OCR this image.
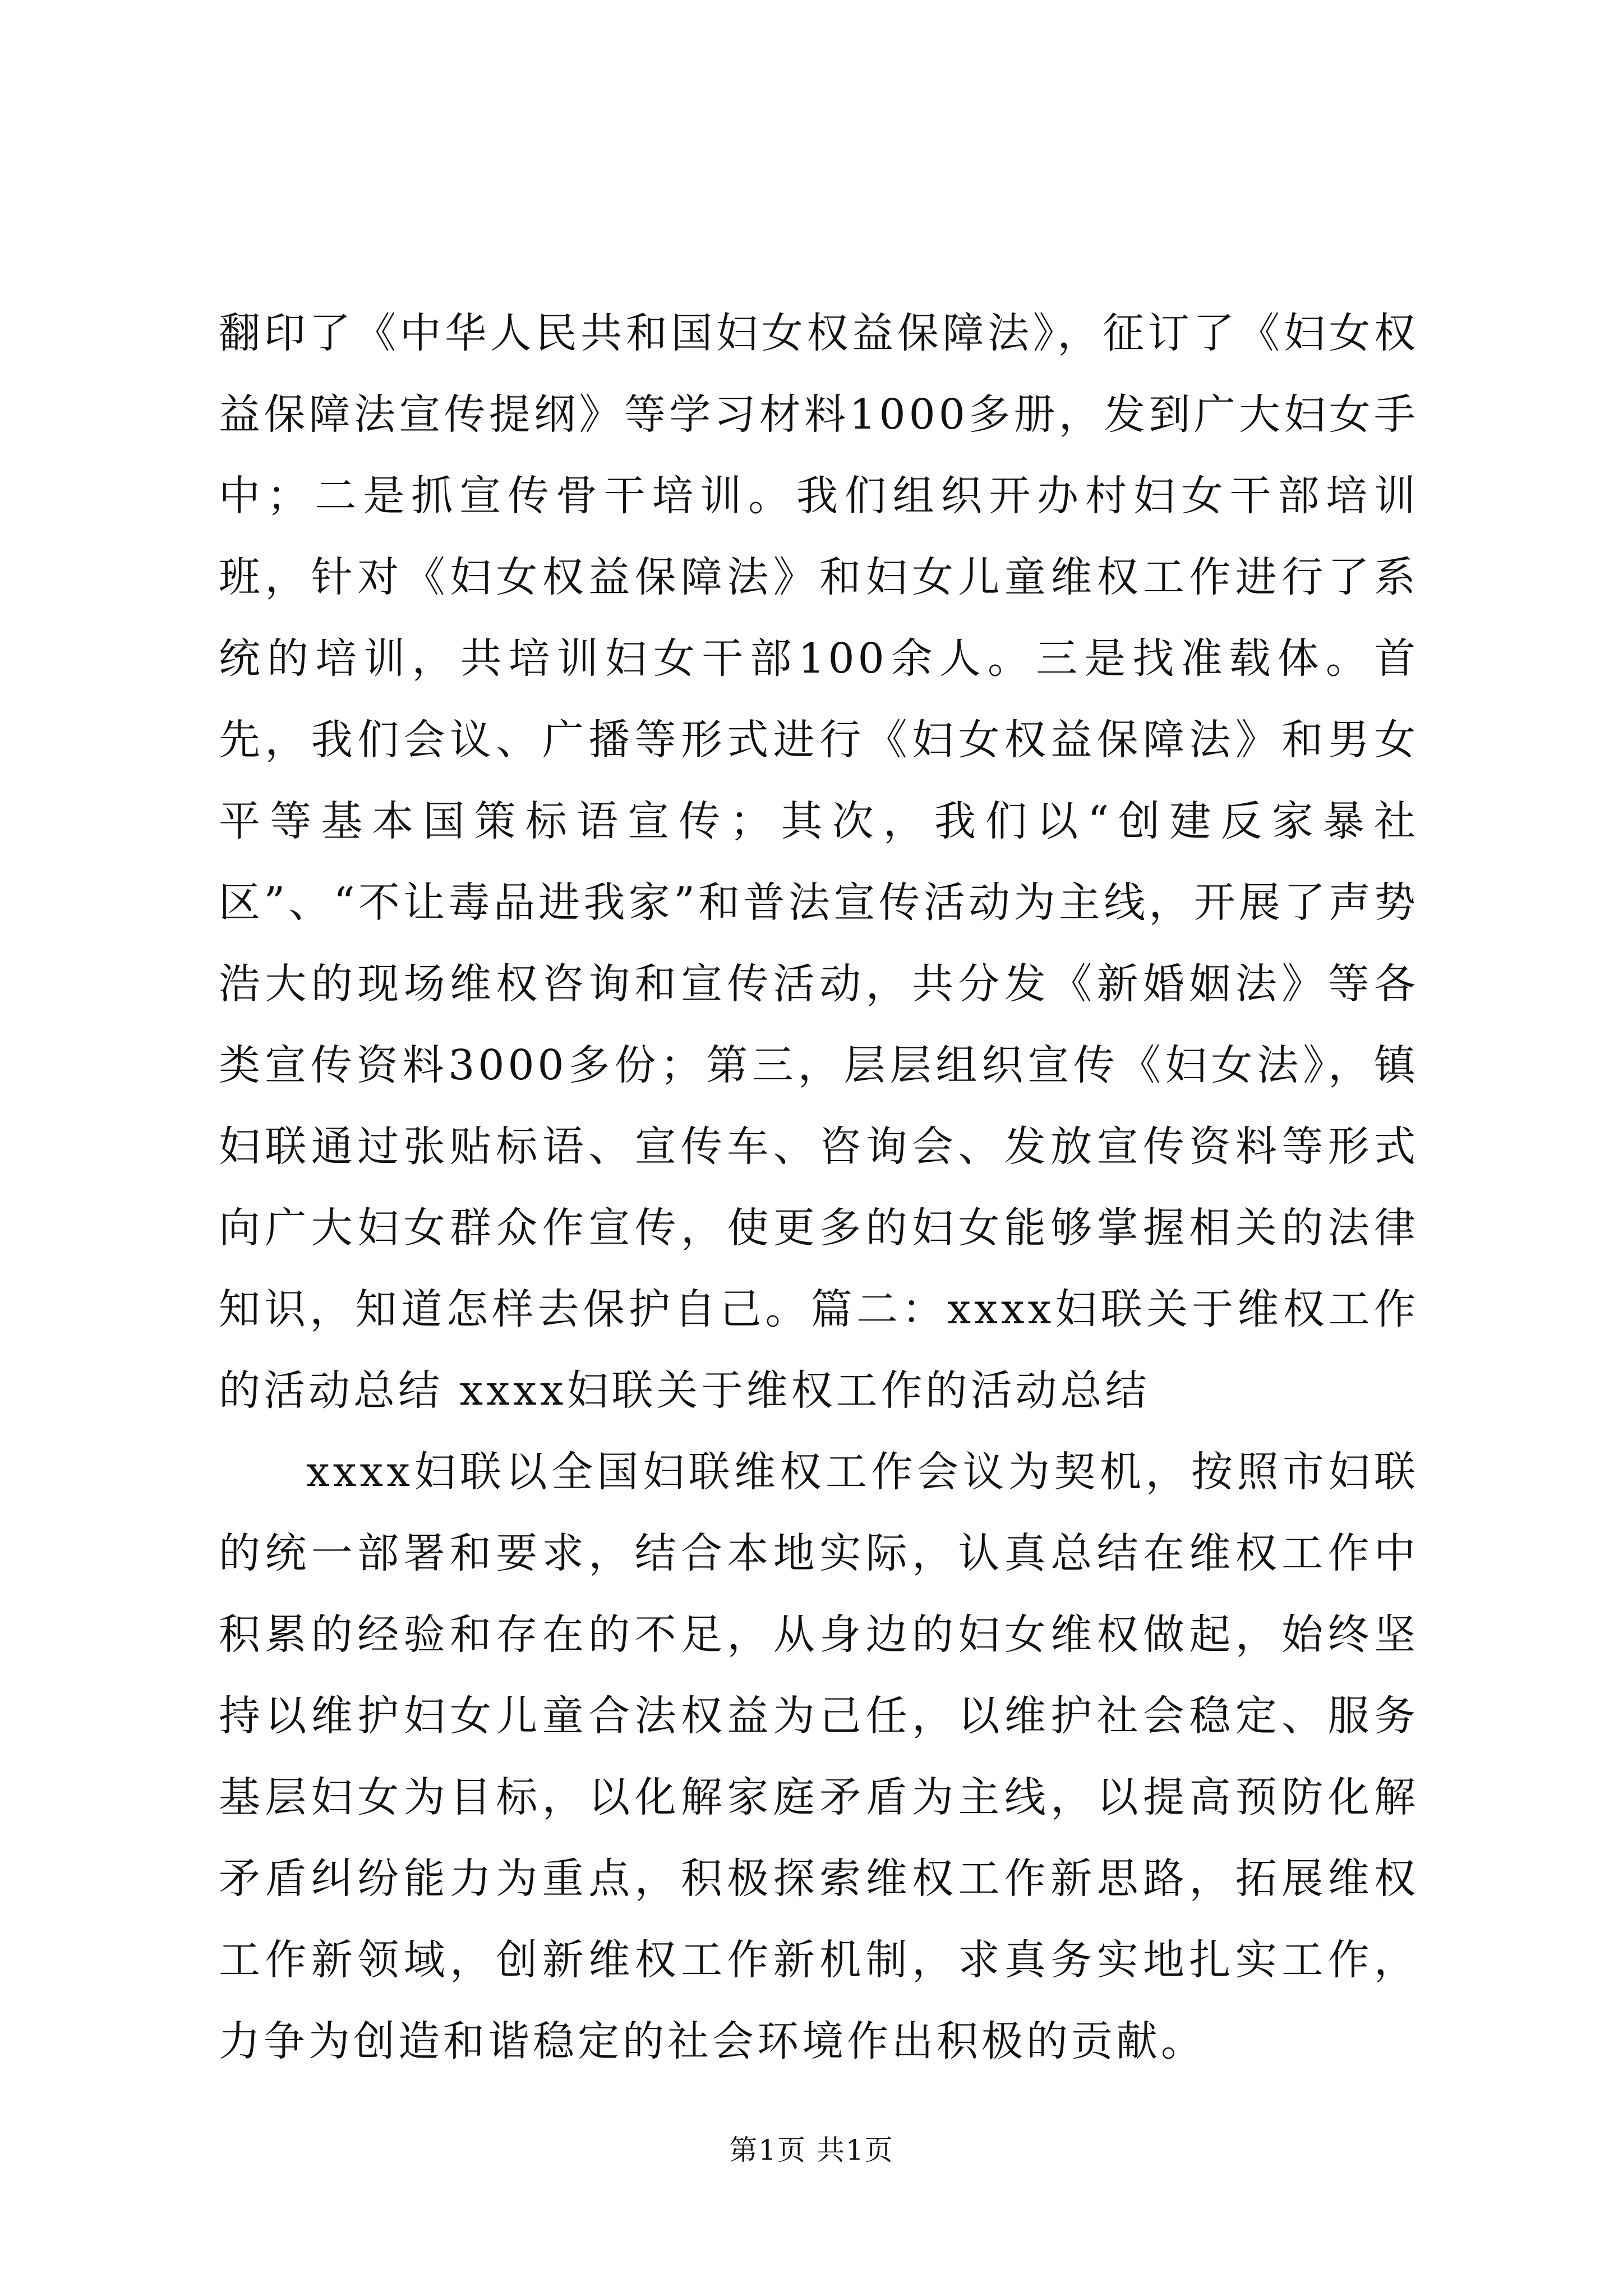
翻印了《中华人民共和国妇女权益保障法》，征订了《妇女权益保障法宣传提纲》等学习材料1000多册，发到广大妇女手中；二是抓宣传骨干培训。我们组织开办村妇女干部培训班，针对《妇女权益保障法》和妇女儿童维权工作进行了系统的培训，共培训妇女干部100余人。三是找准载体。首先，我们会议、广播等形式进行《妇女权益保障法》和男女平等基本国策标语宣传；其次，我们以“创建反家暴社区”、“不让毒品进我家”和普法宣传活动为主线，开展了声势浩大的现场维权咨询和宣传活动，共分发《新婚姻法》等各类宣传资料3000多份；第三，层层组织宣传《妇女法》，镇妇联通过张贴标语、宣传车、咨询会、发放宣传资料等形式向广大妇女群众作宣传，使更多的妇女能够掌握相关的法律知识，知道怎样去保护自己。篇二：xxxx妇联关于维权工作的活动总结 xxxx妇联关于维权工作的活动总结

xxxx妇联以全国妇联维权工作会议为契机，按照市妇联的统一部署和要求，结合本地实际，认真总结在维权工作中积累的经验和存在的不足，从身边的妇女维权做起，始终坚持以维护妇女儿童合法权益为己任，以维护社会稳定、服务基层妇女为目标，以化解家庭矛盾为主线，以提高预防化解矛盾纠纷能力为重点，积极探索维权工作新思路，拓展维权工作新领域，创新维权工作新机制，求真务实地扎实工作，力争为创造和谐稳定的社会环境作出积极的贡献。

第1页 共1页
